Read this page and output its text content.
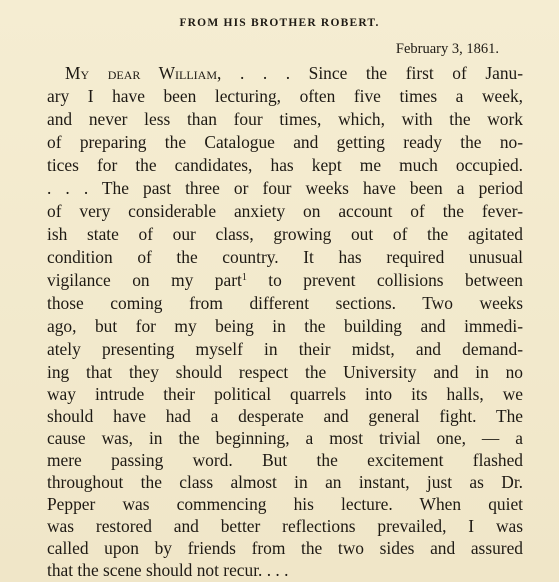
FROM HIS BROTHER ROBERT.
February 3, 1861.
My dear William, . . . Since the first of Janu-
ary I have been lecturing, often five times a week,
and never less than four times, which, with the work
of preparing the Catalogue and getting ready the no-
tices for the candidates, has kept me much occupied.
. . . The past three or four weeks have been a period
of very considerable anxiety on account of the fever-
ish state of our class, growing out of the agitated
condition of the country. It has required unusual
vigilance on my part$^1$ to prevent collisions between
those coming from different sections. Two weeks
ago, but for my being in the building and immedi-
ately presenting myself in their midst, and demand-
ing that they should respect the University and in no
way intrude their political quarrels into its halls, we
should have had a desperate and general fight. The
cause was, in the beginning, a most trivial one, — a
mere passing word. But the excitement flashed
throughout the class almost in an instant, just as Dr.
Pepper was commencing his lecture. When quiet
was restored and better reflections prevailed, I was
called upon by friends from the two sides and assured
that the scene should not recur. . . .
